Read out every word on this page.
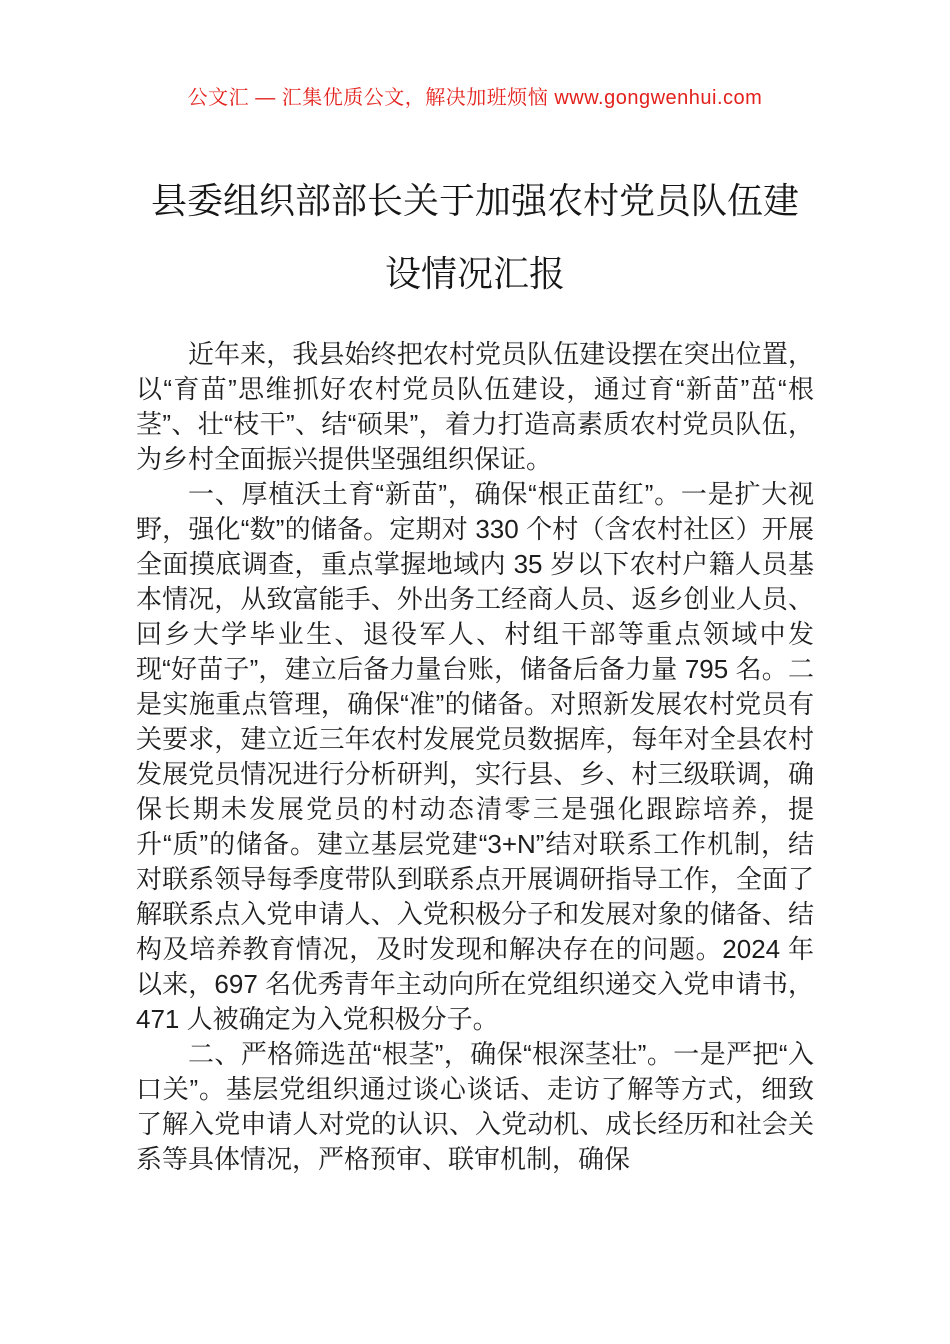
公文汇 — 汇集优质公文，解决加班烦恼 www.gongwenhui.com
县委组织部部长关于加强农村党员队伍建设情况汇报

近年来，我县始终把农村党员队伍建设摆在突出位置，以“育苗”思维抓好农村党员队伍建设，通过育“新苗”茁“根茎”、壮“枝干”、结“硕果”，着力打造高素质农村党员队伍，为乡村全面振兴提供坚强组织保证。

一、厚植沃土育“新苗”，确保“根正苗红”。一是扩大视野，强化“数”的储备。定期对 330 个村（含农村社区）开展全面摸底调查，重点掌握地域内 35 岁以下农村户籍人员基本情况，从致富能手、外出务工经商人员、返乡创业人员、回乡大学毕业生、退役军人、村组干部等重点领域中发现“好苗子”，建立后备力量台账，储备后备力量 795 名。二是实施重点管理，确保“准”的储备。对照新发展农村党员有关要求，建立近三年农村发展党员数据库，每年对全县农村发展党员情况进行分析研判，实行县、乡、村三级联调，确保长期未发展党员的村动态清零三是强化跟踪培养，提升“质”的储备。建立基层党建“3+N”结对联系工作机制，结对联系领导每季度带队到联系点开展调研指导工作，全面了解联系点入党申请人、入党积极分子和发展对象的储备、结构及培养教育情况，及时发现和解决存在的问题。2024 年以来，697 名优秀青年主动向所在党组织递交入党申请书，471 人被确定为入党积极分子。

二、严格筛选茁“根茎”，确保“根深茎壮”。一是严把“入口关”。基层党组织通过谈心谈话、走访了解等方式，细致了解入党申请人对党的认识、入党动机、成长经历和社会关系等具体情况，严格预审、联审机制，确保
